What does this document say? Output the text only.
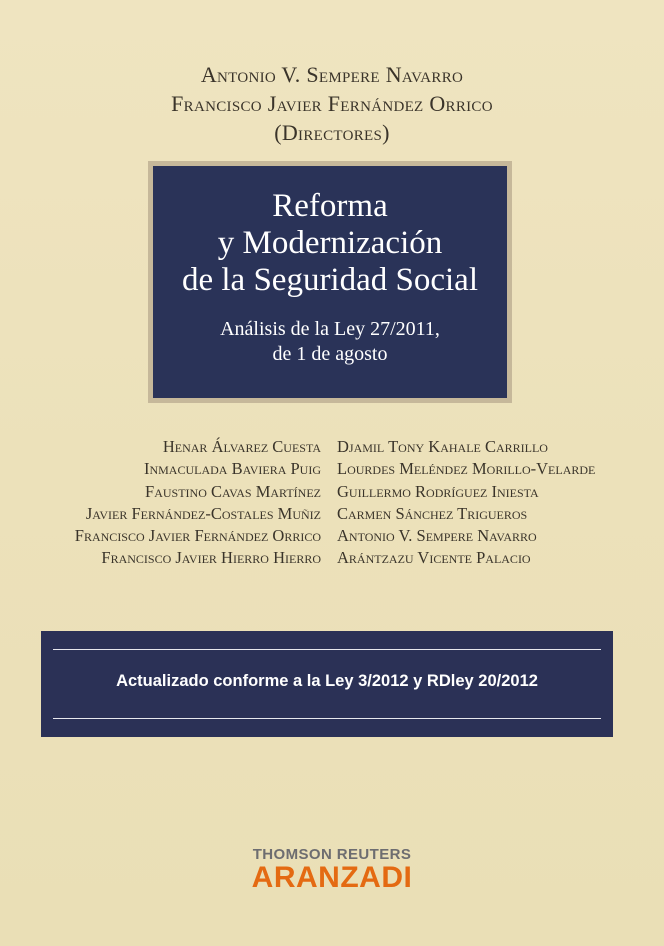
Antonio V. Sempere Navarro
Francisco Javier Fernández Orrico
(Directores)
Reforma
y Modernización
de la Seguridad Social
Análisis de la Ley 27/2011,
de 1 de agosto
Henar Álvarez Cuesta
Inmaculada Baviera Puig
Faustino Cavas Martínez
Javier Fernández-Costales Muñiz
Francisco Javier Fernández Orrico
Francisco Javier Hierro Hierro
Djamil Tony Kahale Carrillo
Lourdes Meléndez Morillo-Velarde
Guillermo Rodríguez Iniesta
Carmen Sánchez Trigueros
Antonio V. Sempere Navarro
Arántzazu Vicente Palacio
Actualizado conforme a la Ley 3/2012 y RDley 20/2012
THOMSON REUTERS
ARANZADI
